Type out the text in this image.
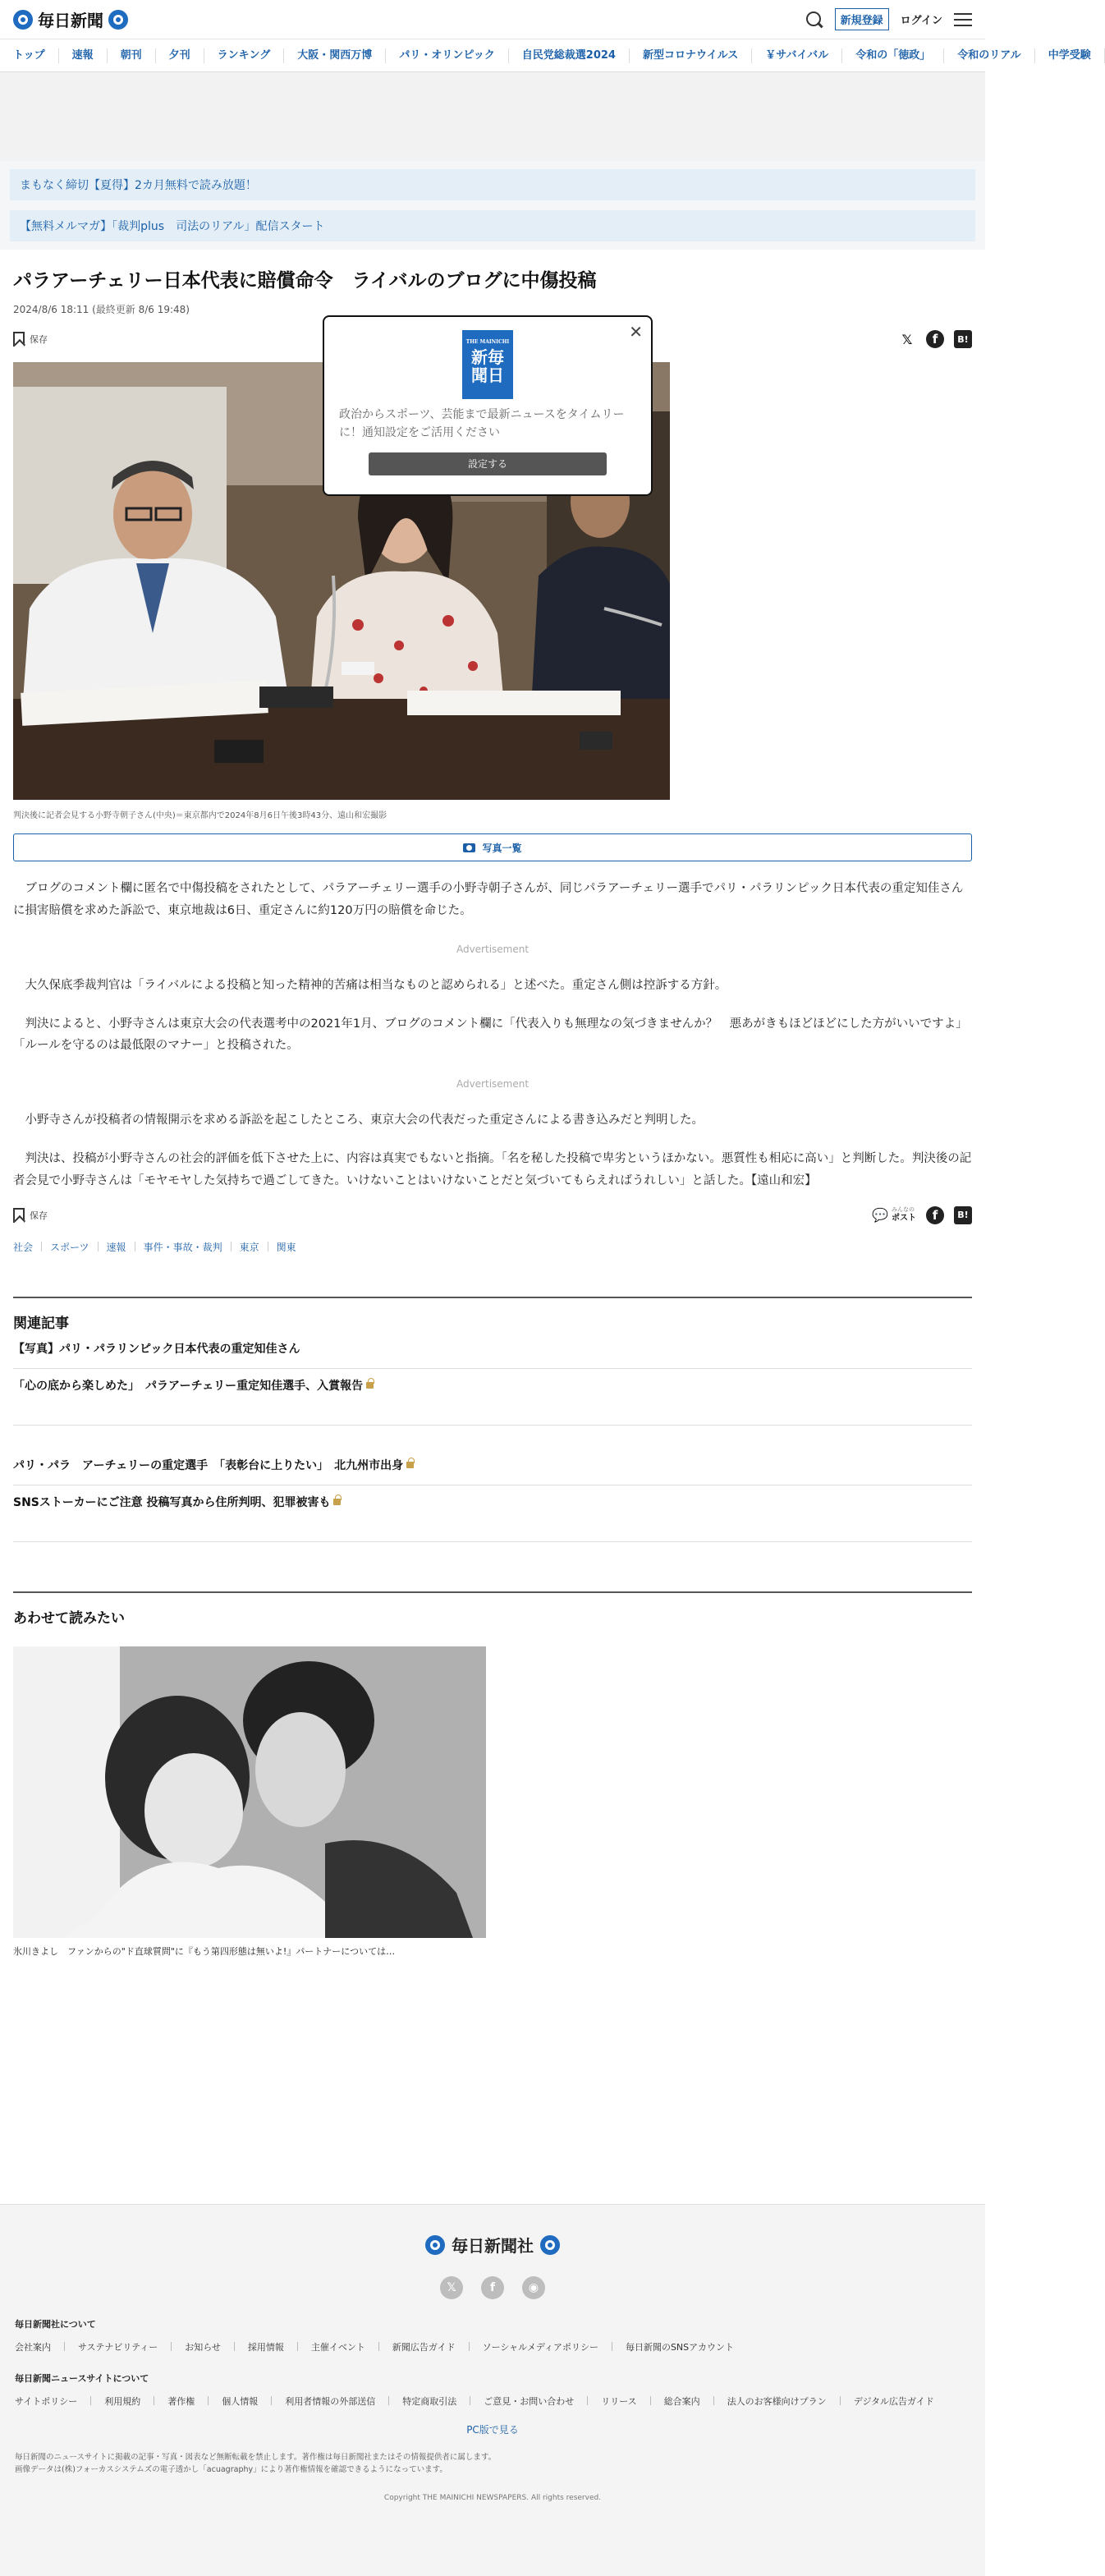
毎日新聞	新規登録	ログイン
トップ	速報	朝刊	夕刊	ランキング	大阪・関西万博	パリ・オリンピック	自民党総裁選2024	新型コロナウイルス	￥サバイバル	令和の「徳政」	令和のリアル	中学受験
まもなく締切【夏得】2カ月無料で読み放題！
【無料メルマガ】「裁判plus　司法のリアル」配信スタート
パラアーチェリー日本代表に賠償命令　ライバルのブログに中傷投稿
2024/8/6 18:11 (最終更新 8/6 19:48)
保存	𝕏	f	B!
判決後に記者会見する小野寺朝子さん(中央)＝東京都内で2024年8月6日午後3時43分、遠山和宏撮影
写真一覧

ブログのコメント欄に匿名で中傷投稿をされたとして、パラアーチェリー選手の小野寺朝子さんが、同じパラアーチェリー選手でパリ・パラリンピック日本代表の重定知佳さんに損害賠償を求めた訴訟で、東京地裁は6日、重定さんに約120万円の賠償を命じた。

Advertisement

大久保底季裁判官は「ライバルによる投稿と知った精神的苦痛は相当なものと認められる」と述べた。重定さん側は控訴する方針。

判決によると、小野寺さんは東京大会の代表選考中の2021年1月、ブログのコメント欄に「代表入りも無理なの気づきませんか？　悪あがきもほどほどにした方がいいですよ」「ルールを守るのは最低限のマナー」と投稿された。

Advertisement

小野寺さんが投稿者の情報開示を求める訴訟を起こしたところ、東京大会の代表だった重定さんによる書き込みだと判明した。

判決は、投稿が小野寺さんの社会的評価を低下させた上に、内容は真実でもないと指摘。「名を秘した投稿で卑劣というほかない。悪質性も相応に高い」と判断した。判決後の記者会見で小野寺さんは「モヤモヤした気持ちで過ごしてきた。いけないことはいけないことだと気づいてもらえればうれしい」と話した。【遠山和宏】

保存	💬 みんなの
ポスト	f	B!
社会 スポーツ 速報 事件・事故・裁判 東京 関東
関連記事
【写真】パリ・パラリンピック日本代表の重定知佳さん
「心の底から楽しめた」　パラアーチェリー重定知佳選手、入賞報告
パリ・パラ　アーチェリーの重定選手　「表彰台に上りたい」　北九州市出身
SNSストーカーにご注意 投稿写真から住所判明、犯罪被害も
あわせて読みたい
氷川きよし　ファンからの"ド直球質問"に『もう第四形態は無いよ!』パートナーについては…
毎日新聞社
𝕏	f	◉
毎日新聞社について
会社案内	サステナビリティー	お知らせ	採用情報	主催イベント	新聞広告ガイド	ソーシャルメディアポリシー	毎日新聞のSNSアカウント
毎日新聞ニュースサイトについて
サイトポリシー	利用規約	著作権	個人情報	利用者情報の外部送信	特定商取引法	ご意見・お問い合わせ	リリース	総合案内	法人のお客様向けプラン	デジタル広告ガイド
PC版で見る
毎日新聞のニュースサイトに掲載の記事・写真・図表など無断転載を禁止します。著作権は毎日新聞社またはその情報提供者に属します。
画像データは(株)フォーカスシステムズの電子透かし「acuagraphy」により著作権情報を確認できるようになっています。
Copyright THE MAINICHI NEWSPAPERS. All rights reserved.
✕
THE MAINICHI
新毎聞日
政治からスポーツ、芸能まで最新ニュースをタイムリーに！通知設定をご活用ください
設定する
